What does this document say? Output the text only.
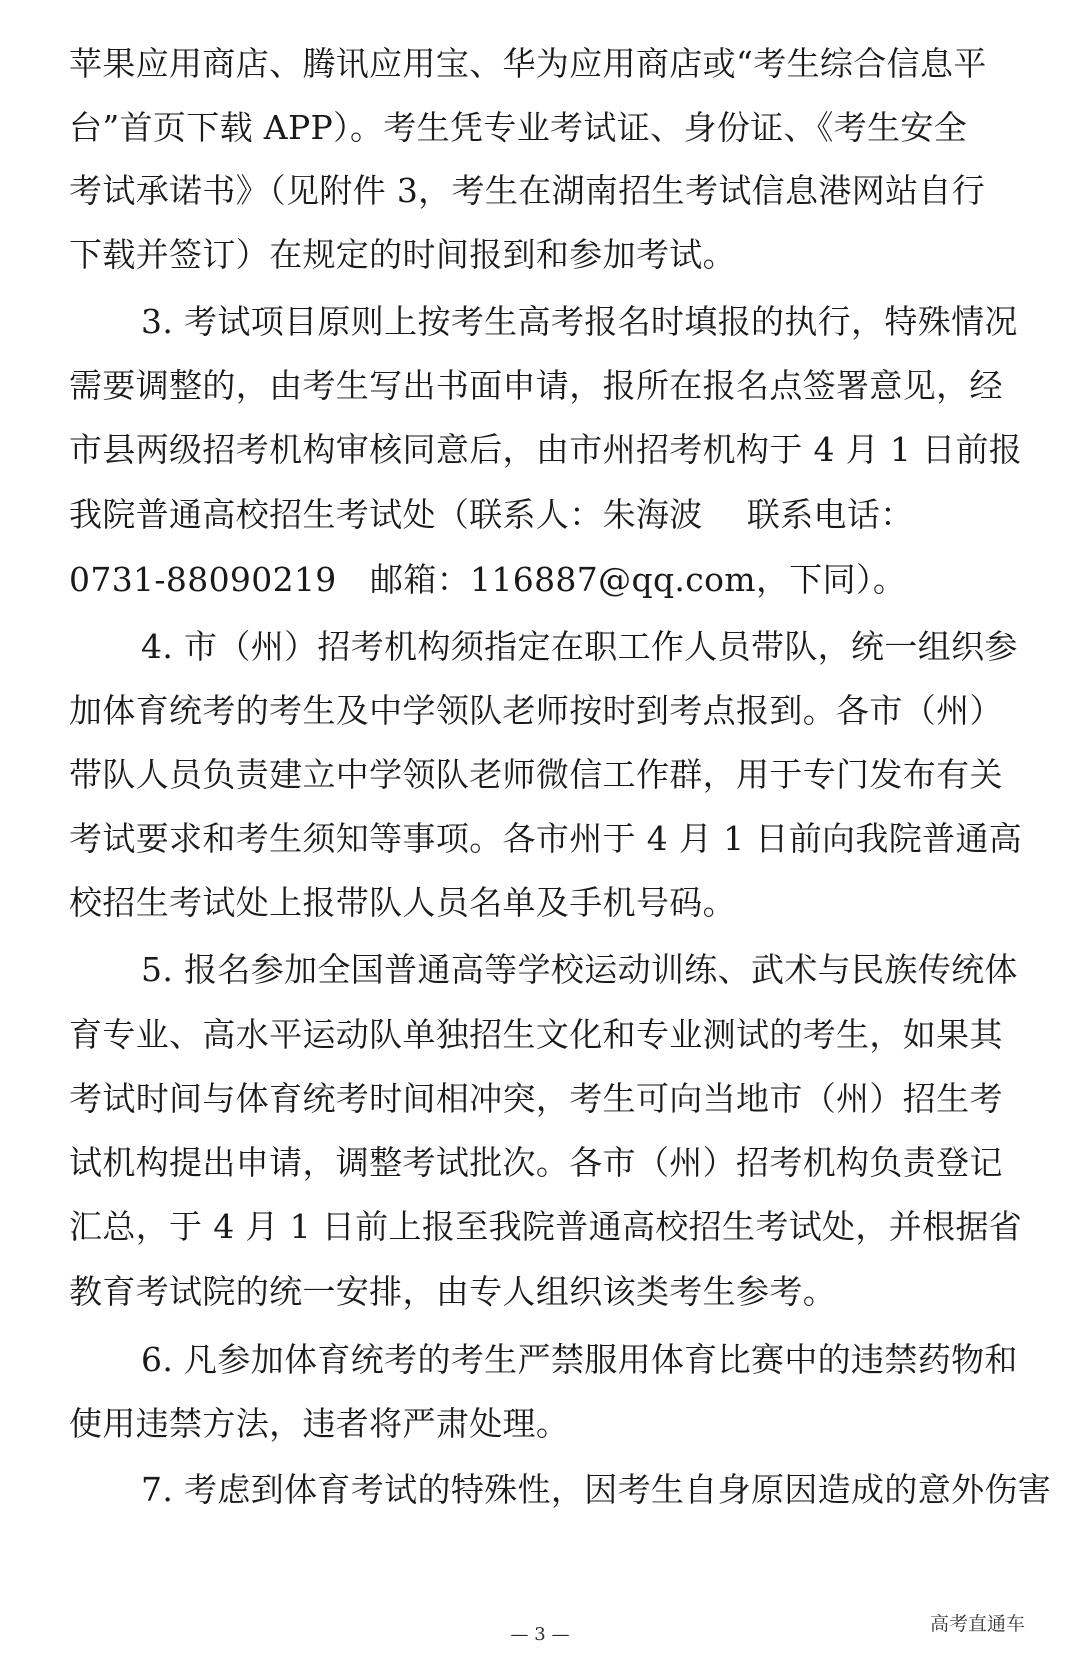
苹果应用商店、腾讯应用宝、华为应用商店或“考生综合信息平
台”首页下载 APP）。考生凭专业考试证、身份证、《考生安全
考试承诺书》（见附件 3，考生在湖南招生考试信息港网站自行
下载并签订）在规定的时间报到和参加考试。
3. 考试项目原则上按考生高考报名时填报的执行，特殊情况
需要调整的，由考生写出书面申请，报所在报名点签署意见，经
市县两级招考机构审核同意后，由市州招考机构于 4 月 1 日前报
我院普通高校招生考试处（联系人：朱海波　 联系电话：
0731-88090219　邮箱：116887@qq.com，下同）。
4. 市（州）招考机构须指定在职工作人员带队，统一组织参
加体育统考的考生及中学领队老师按时到考点报到。各市（州）
带队人员负责建立中学领队老师微信工作群，用于专门发布有关
考试要求和考生须知等事项。各市州于 4 月 1 日前向我院普通高
校招生考试处上报带队人员名单及手机号码。
5. 报名参加全国普通高等学校运动训练、武术与民族传统体
育专业、高水平运动队单独招生文化和专业测试的考生，如果其
考试时间与体育统考时间相冲突，考生可向当地市（州）招生考
试机构提出申请，调整考试批次。各市（州）招考机构负责登记
汇总，于 4 月 1 日前上报至我院普通高校招生考试处，并根据省
教育考试院的统一安排，由专人组织该类考生参考。
6. 凡参加体育统考的考生严禁服用体育比赛中的违禁药物和
使用违禁方法，违者将严肃处理。
7. 考虑到体育考试的特殊性，因考生自身原因造成的意外伤害
— 3 —	高考直通车
